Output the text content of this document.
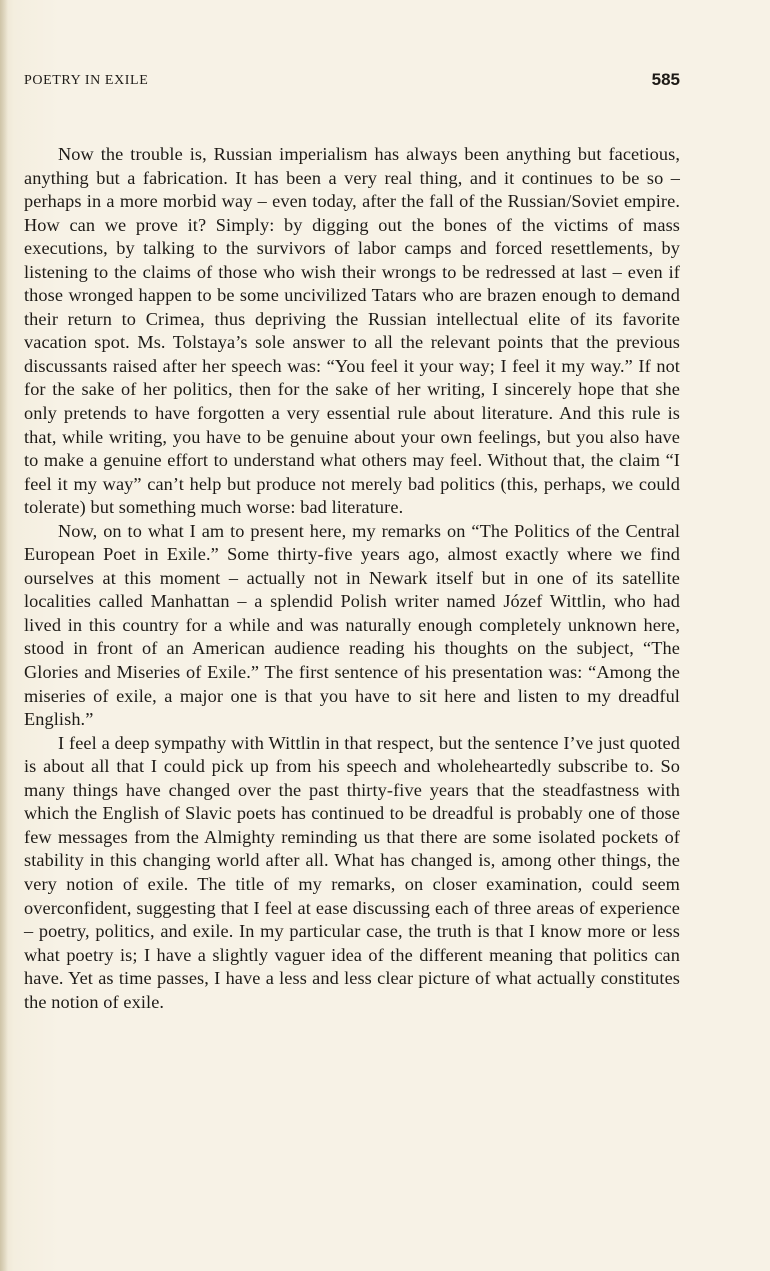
POETRY IN EXILE	585

Now the trouble is, Russian imperialism has always been anything but facetious, anything but a fabrication. It has been a very real thing, and it continues to be so – perhaps in a more morbid way – even today, after the fall of the Russian/Soviet empire. How can we prove it? Simply: by digging out the bones of the victims of mass executions, by talking to the survivors of labor camps and forced resettlements, by listening to the claims of those who wish their wrongs to be redressed at last – even if those wronged happen to be some uncivilized Tatars who are brazen enough to demand their return to Crimea, thus depriving the Russian intellectual elite of its favorite vacation spot. Ms. Tolstaya’s sole answer to all the relevant points that the previous discussants raised after her speech was: “You feel it your way; I feel it my way.” If not for the sake of her politics, then for the sake of her writing, I sincerely hope that she only pretends to have forgotten a very essential rule about literature. And this rule is that, while writing, you have to be genuine about your own feelings, but you also have to make a genuine effort to understand what others may feel. Without that, the claim “I feel it my way” can’t help but produce not merely bad politics (this, perhaps, we could tolerate) but something much worse: bad literature.

Now, on to what I am to present here, my remarks on “The Politics of the Central European Poet in Exile.” Some thirty-five years ago, almost exactly where we find ourselves at this moment – actually not in Newark itself but in one of its satellite localities called Manhattan – a splendid Polish writer named Józef Wittlin, who had lived in this country for a while and was naturally enough completely unknown here, stood in front of an American audience reading his thoughts on the subject, “The Glories and Miseries of Exile.” The first sentence of his presentation was: “Among the miseries of exile, a major one is that you have to sit here and listen to my dreadful English.”

I feel a deep sympathy with Wittlin in that respect, but the sentence I’ve just quoted is about all that I could pick up from his speech and wholeheartedly subscribe to. So many things have changed over the past thirty-five years that the steadfastness with which the English of Slavic poets has continued to be dreadful is probably one of those few messages from the Almighty reminding us that there are some isolated pockets of stability in this changing world after all. What has changed is, among other things, the very notion of exile. The title of my remarks, on closer examination, could seem overconfident, suggesting that I feel at ease discussing each of three areas of experience – poetry, politics, and exile. In my particular case, the truth is that I know more or less what poetry is; I have a slightly vaguer idea of the different meaning that politics can have. Yet as time passes, I have a less and less clear picture of what actually constitutes the notion of exile.
